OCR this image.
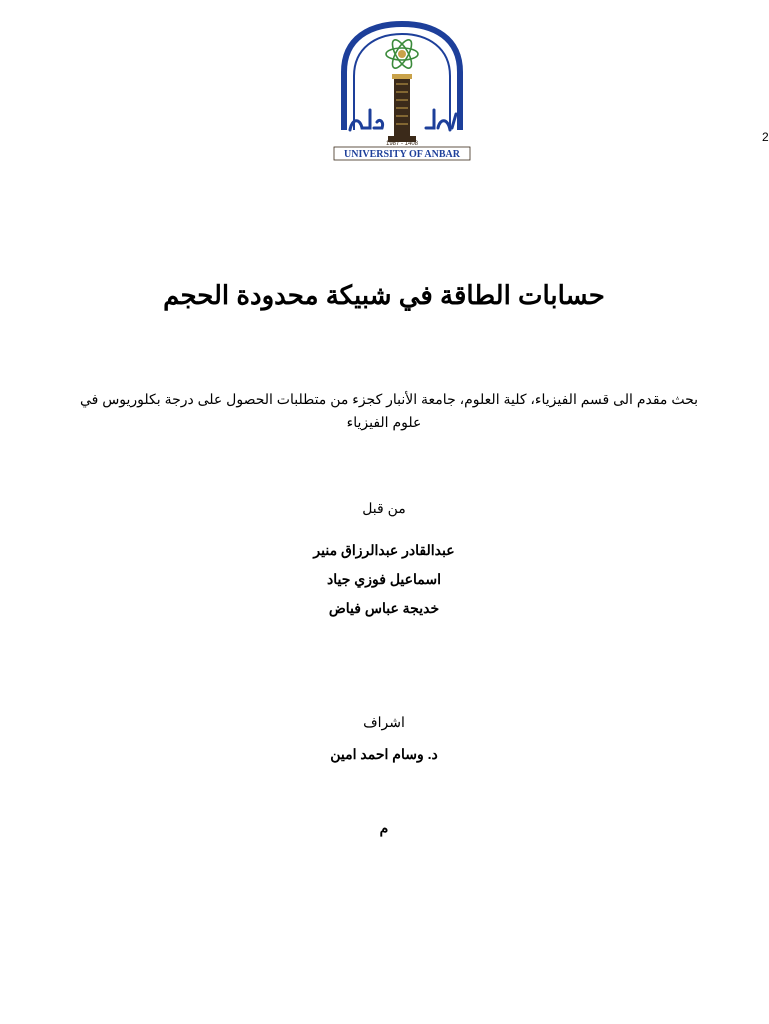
1987 - 1408
UNIVERSITY OF ANBAR
2
حسابات الطاقة في شبيكة محدودة الحجم
بحث مقدم الى قسم الفيزياء، كلية العلوم، جامعة الأنبار كجزء من متطلبات الحصول على درجة بكلوريوس في
علوم الفيزياء
من قبل
عبدالقادر عبدالرزاق منير
اسماعيل فوزي جياد
خديجة عباس فياض
اشراف
د. وسام احمد امين
م
